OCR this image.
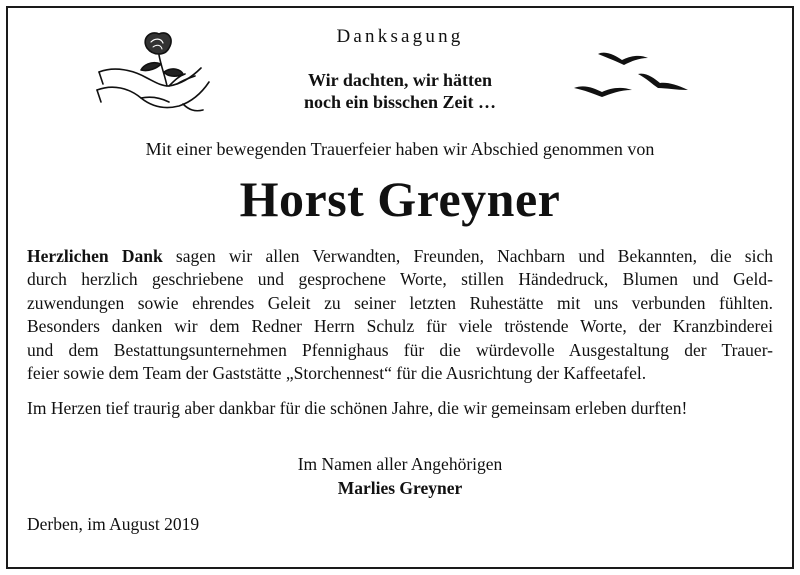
Danksagung
Wir dachten, wir hätten
noch ein bisschen Zeit …
Mit einer bewegenden Trauerfeier haben wir Abschied genommen von
Horst Greyner
Herzlichen Dank sagen wir allen Verwandten, Freunden, Nachbarn und Bekannten, die sich
durch herzlich geschriebene und gesprochene Worte, stillen Händedruck, Blumen und Geld-
zuwendungen sowie ehrendes Geleit zu seiner letzten Ruhestätte mit uns verbunden fühlten.
Besonders danken wir dem Redner Herrn Schulz für viele tröstende Worte, der Kranzbinderei
und dem Bestattungsunternehmen Pfennighaus für die würdevolle Ausgestaltung der Trauer-
feier sowie dem Team der Gaststätte „Storchennest“ für die Ausrichtung der Kaffeetafel.
Im Herzen tief traurig aber dankbar für die schönen Jahre, die wir gemeinsam erleben durften!
Im Namen aller Angehörigen
Marlies Greyner
Derben, im August 2019
